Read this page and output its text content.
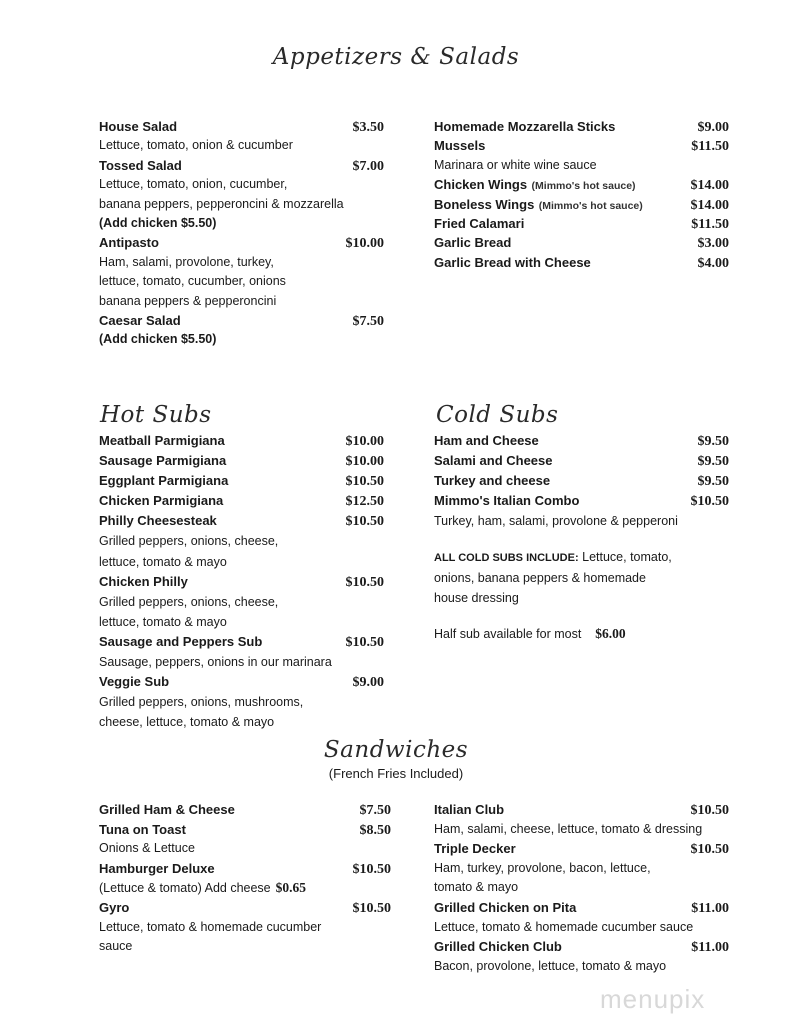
Appetizers & Salads
House Salad	$3.50
Lettuce, tomato, onion & cucumber
Tossed Salad	$7.00
Lettuce, tomato, onion, cucumber,
banana peppers, pepperoncini & mozzarella
(Add chicken $5.50)
Antipasto	$10.00
Ham, salami, provolone, turkey,
lettuce, tomato, cucumber, onions
banana peppers & pepperoncini
Caesar Salad	$7.50
(Add chicken $5.50)
Homemade Mozzarella Sticks	$9.00
Mussels	$11.50
Marinara or white wine sauce
Chicken Wings (Mimmo's hot sauce)	$14.00
Boneless Wings (Mimmo's hot sauce)	$14.00
Fried Calamari	$11.50
Garlic Bread	$3.00
Garlic Bread with Cheese	$4.00
Hot Subs	Cold Subs
Meatball Parmigiana	$10.00
Sausage Parmigiana	$10.00
Eggplant Parmigiana	$10.50
Chicken Parmigiana	$12.50
Philly Cheesesteak	$10.50
Grilled peppers, onions, cheese,
lettuce, tomato & mayo
Chicken Philly	$10.50
Grilled peppers, onions, cheese,
lettuce, tomato & mayo
Sausage and Peppers Sub	$10.50
Sausage, peppers, onions in our marinara
Veggie Sub	$9.00
Grilled peppers, onions, mushrooms,
cheese, lettuce, tomato & mayo
Ham and Cheese	$9.50
Salami and Cheese	$9.50
Turkey and cheese	$9.50
Mimmo's Italian Combo	$10.50
Turkey, ham, salami, provolone & pepperoni
ALL COLD SUBS INCLUDE: Lettuce, tomato,
onions, banana peppers & homemade
house dressing
Half sub available for most $6.00
Sandwiches
(French Fries Included)
Grilled Ham & Cheese	$7.50
Tuna on Toast	$8.50
Onions & Lettuce
Hamburger Deluxe	$10.50
(Lettuce & tomato) Add cheese $0.65
Gyro	$10.50
Lettuce, tomato & homemade cucumber
sauce
Italian Club	$10.50
Ham, salami, cheese, lettuce, tomato & dressing
Triple Decker	$10.50
Ham, turkey, provolone, bacon, lettuce,
tomato & mayo
Grilled Chicken on Pita	$11.00
Lettuce, tomato & homemade cucumber sauce
Grilled Chicken Club	$11.00
Bacon, provolone, lettuce, tomato & mayo
menupix
